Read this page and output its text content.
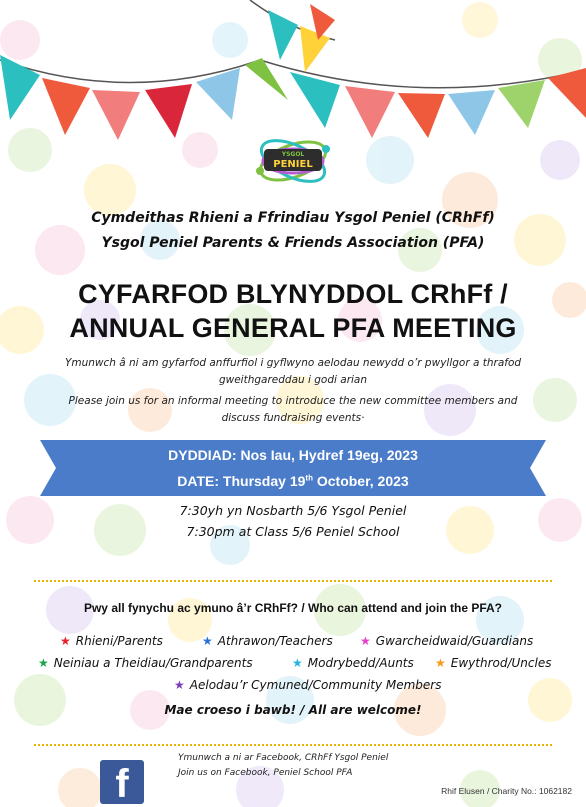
YSGOL
PENIEL
Cymdeithas Rhieni a Ffrindiau Ysgol Peniel (CRhFf)
Ysgol Peniel Parents & Friends Association (PFA)
CYFARFOD BLYNYDDOL CRhFf /
ANNUAL GENERAL PFA MEETING
Ymunwch â ni am gyfarfod anffurfiol i gyflwyno aelodau newydd o’r pwyllgor a thrafod
gweithgareddau i godi arian
Please join us for an informal meeting to introduce the new committee members and
discuss fundraising events·
DYDDIAD: Nos Iau, Hydref 19eg, 2023
DATE: Thursday 19th October, 2023
7:30yh yn Nosbarth 5/6 Ysgol Peniel
7:30pm at Class 5/6 Peniel School
Pwy all fynychu ac ymuno â’r CRhFf? / Who can attend and join the PFA?
★ Rhieni/Parents	★ Athrawon/Teachers ★ Gwarcheidwaid/Guardians
★ Neiniau a Theidiau/Grandparents	★ Modrybedd/Aunts ★ Ewythrod/Uncles
★ Aelodau’r Cymuned/Community Members
Mae croeso i bawb! / All are welcome!
f
Ymunwch a ni ar Facebook, CRhFf Ysgol Peniel
Join us on Facebook, Peniel School PFA
Rhif Elusen / Charity No.: 1062182
